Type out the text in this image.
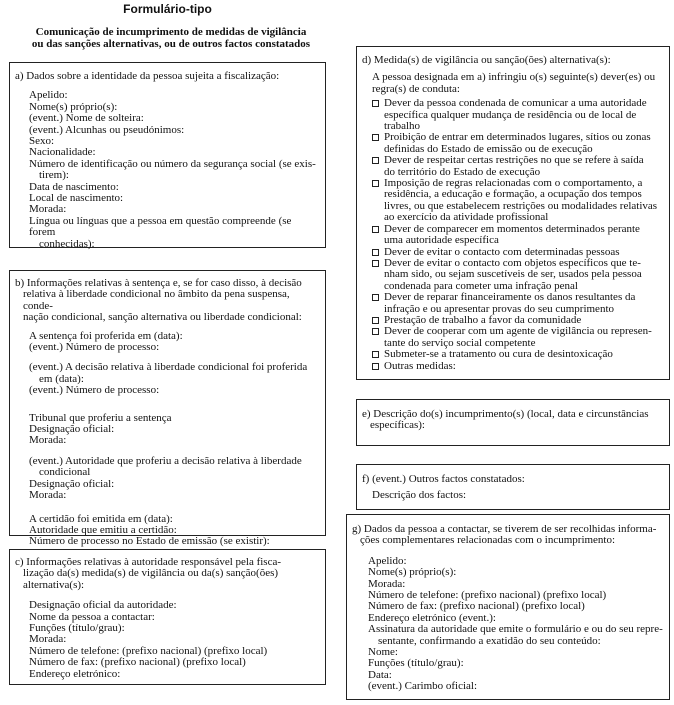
Formulário-tipo
Comunicação de incumprimento de medidas de vigilância
ou das sanções alternativas, ou de outros factos constatados
a) Dados sobre a identidade da pessoa sujeita a fiscalização:
Apelido:
Nome(s) próprio(s):
(event.) Nome de solteira:
(event.) Alcunhas ou pseudónimos:
Sexo:
Nacionalidade:
Número de identificação ou número da segurança social (se exis-
tirem):
Data de nascimento:
Local de nascimento:
Morada:
Língua ou línguas que a pessoa em questão compreende (se forem
conhecidas):
b) Informações relativas à sentença e, se for caso disso, à decisão
relativa à liberdade condicional no âmbito da pena suspensa, conde-
nação condicional, sanção alternativa ou liberdade condicional:
A sentença foi proferida em (data):
(event.) Número de processo:
(event.) A decisão relativa à liberdade condicional foi proferida
em (data):
(event.) Número de processo:
Tribunal que proferiu a sentença
Designação oficial:
Morada:
(event.) Autoridade que proferiu a decisão relativa à liberdade
condicional
Designação oficial:
Morada:
A certidão foi emitida em (data):
Autoridade que emitiu a certidão:
Número de processo no Estado de emissão (se existir):
c) Informações relativas à autoridade responsável pela fisca-
lização da(s) medida(s) de vigilância ou da(s) sanção(ões)
alternativa(s):
Designação oficial da autoridade:
Nome da pessoa a contactar:
Funções (título/grau):
Morada:
Número de telefone: (prefixo nacional) (prefixo local)
Número de fax: (prefixo nacional) (prefixo local)
Endereço eletrónico:
d) Medida(s) de vigilância ou sanção(ões) alternativa(s):
A pessoa designada em a) infringiu o(s) seguinte(s) dever(es) ou
regra(s) de conduta:
Dever da pessoa condenada de comunicar a uma autoridade
específica qualquer mudança de residência ou de local de
trabalho
Proibição de entrar em determinados lugares, sítios ou zonas
definidas do Estado de emissão ou de execução
Dever de respeitar certas restrições no que se refere à saída
do território do Estado de execução
Imposição de regras relacionadas com o comportamento, a
residência, a educação e formação, a ocupação dos tempos
livres, ou que estabelecem restrições ou modalidades relativas
ao exercício da atividade profissional
Dever de comparecer em momentos determinados perante
uma autoridade específica
Dever de evitar o contacto com determinadas pessoas
Dever de evitar o contacto com objetos específicos que te-
nham sido, ou sejam suscetíveis de ser, usados pela pessoa
condenada para cometer uma infração penal
Dever de reparar financeiramente os danos resultantes da
infração e ou apresentar provas do seu cumprimento
Prestação de trabalho a favor da comunidade
Dever de cooperar com um agente de vigilância ou represen-
tante do serviço social competente
Submeter-se a tratamento ou cura de desintoxicação
Outras medidas:
e) Descrição do(s) incumprimento(s) (local, data e circunstâncias
específicas):
f) (event.) Outros factos constatados:
Descrição dos factos:
g) Dados da pessoa a contactar, se tiverem de ser recolhidas informa-
ções complementares relacionadas com o incumprimento:
Apelido:
Nome(s) próprio(s):
Morada:
Número de telefone: (prefixo nacional) (prefixo local)
Número de fax: (prefixo nacional) (prefixo local)
Endereço eletrónico (event.):
Assinatura da autoridade que emite o formulário e ou do seu repre-
sentante, confirmando a exatidão do seu conteúdo:
Nome:
Funções (título/grau):
Data:
(event.) Carimbo oficial:
